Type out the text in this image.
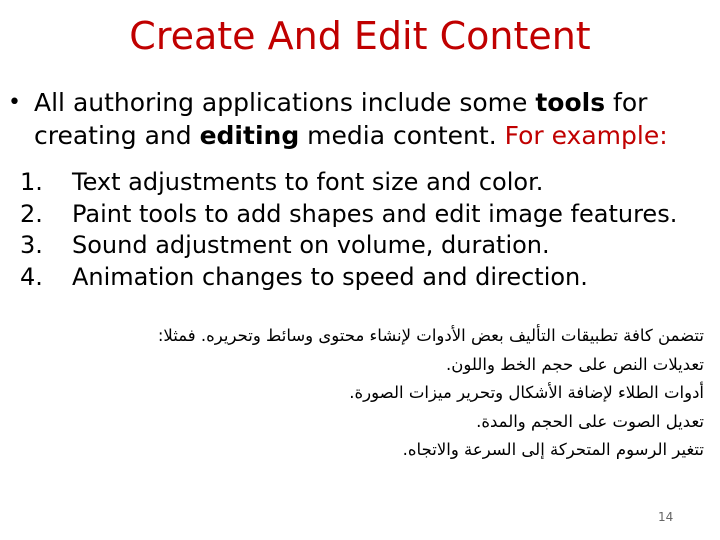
Create And Edit Content
• All authoring applications include some tools for creating and editing media content. For example:
1.	Text adjustments to font size and color.
2.	Paint tools to add shapes and edit image features.
3.	Sound adjustment on volume, duration.
4.	Animation changes to speed and direction.
تتضمن كافة تطبيقات التأليف بعض الأدوات لإنشاء محتوى وسائط وتحريره. فمثلا:
تعديلات النص على حجم الخط واللون.
أدوات الطلاء لإضافة الأشكال وتحرير ميزات الصورة.
تعديل الصوت على الحجم والمدة.
تتغير الرسوم المتحركة إلى السرعة والاتجاه.
14
